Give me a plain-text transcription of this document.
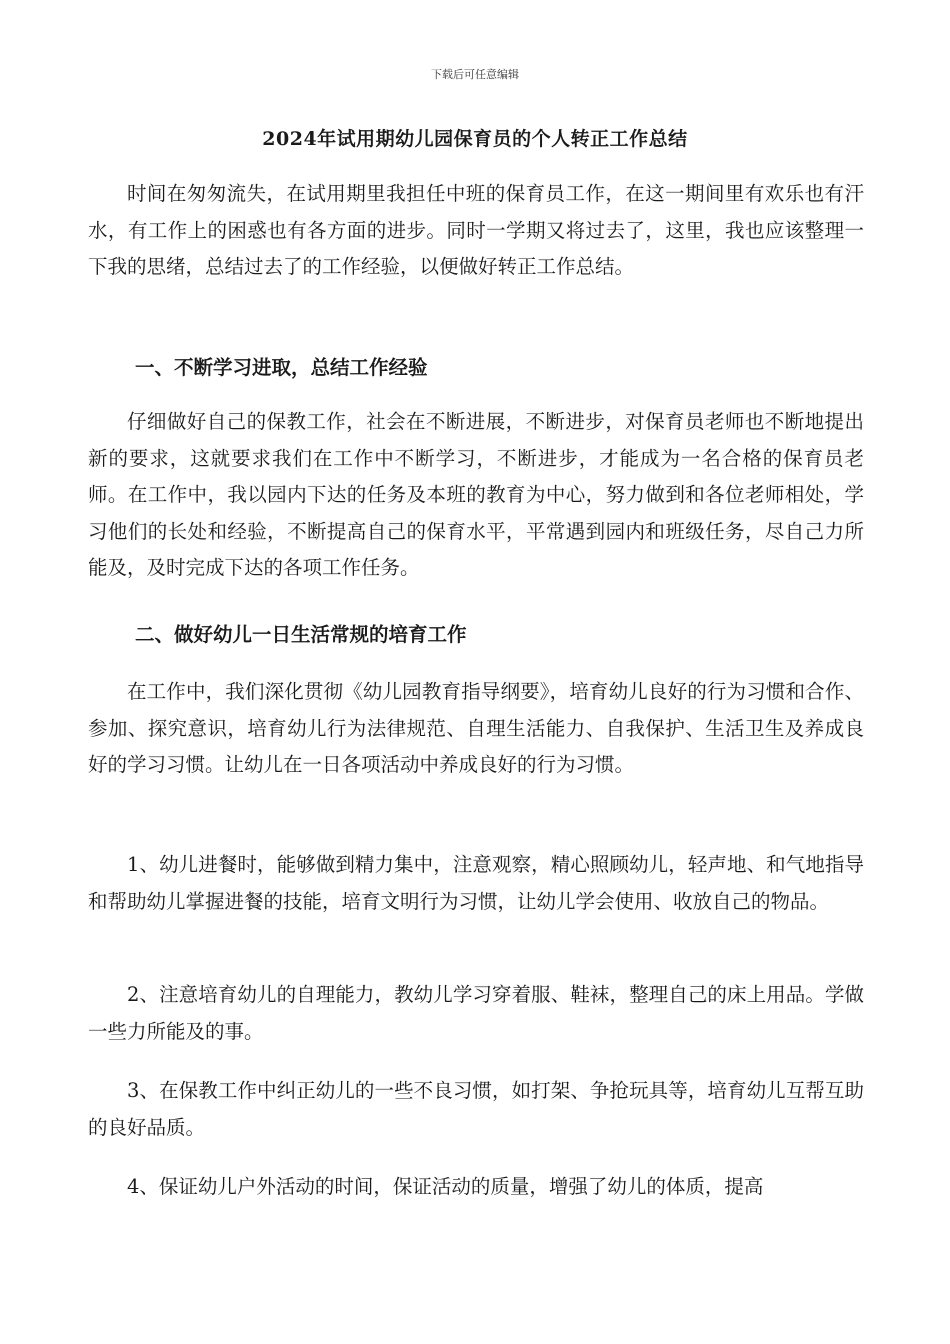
下载后可任意编辑
2024年试用期幼儿园保育员的个人转正工作总结

时间在匆匆流失，在试用期里我担任中班的保育员工作，在这一期间里有欢乐也有汗水，有工作上的困惑也有各方面的进步。同时一学期又将过去了，这里，我也应该整理一下我的思绪，总结过去了的工作经验，以便做好转正工作总结。

一、不断学习进取，总结工作经验

仔细做好自己的保教工作，社会在不断进展，不断进步，对保育员老师也不断地提出新的要求，这就要求我们在工作中不断学习，不断进步，才能成为一名合格的保育员老师。在工作中，我以园内下达的任务及本班的教育为中心，努力做到和各位老师相处，学习他们的长处和经验，不断提高自己的保育水平，平常遇到园内和班级任务，尽自己力所能及，及时完成下达的各项工作任务。

二、做好幼儿一日生活常规的培育工作

在工作中，我们深化贯彻《幼儿园教育指导纲要》，培育幼儿良好的行为习惯和合作、参加、探究意识，培育幼儿行为法律规范、自理生活能力、自我保护、生活卫生及养成良好的学习习惯。让幼儿在一日各项活动中养成良好的行为习惯。

1、幼儿进餐时，能够做到精力集中，注意观察，精心照顾幼儿，轻声地、和气地指导和帮助幼儿掌握进餐的技能，培育文明行为习惯，让幼儿学会使用、收放自己的物品。

2、注意培育幼儿的自理能力，教幼儿学习穿着服、鞋袜，整理自己的床上用品。学做一些力所能及的事。

3、在保教工作中纠正幼儿的一些不良习惯，如打架、争抢玩具等，培育幼儿互帮互助的良好品质。

4、保证幼儿户外活动的时间，保证活动的质量，增强了幼儿的体质，提高
